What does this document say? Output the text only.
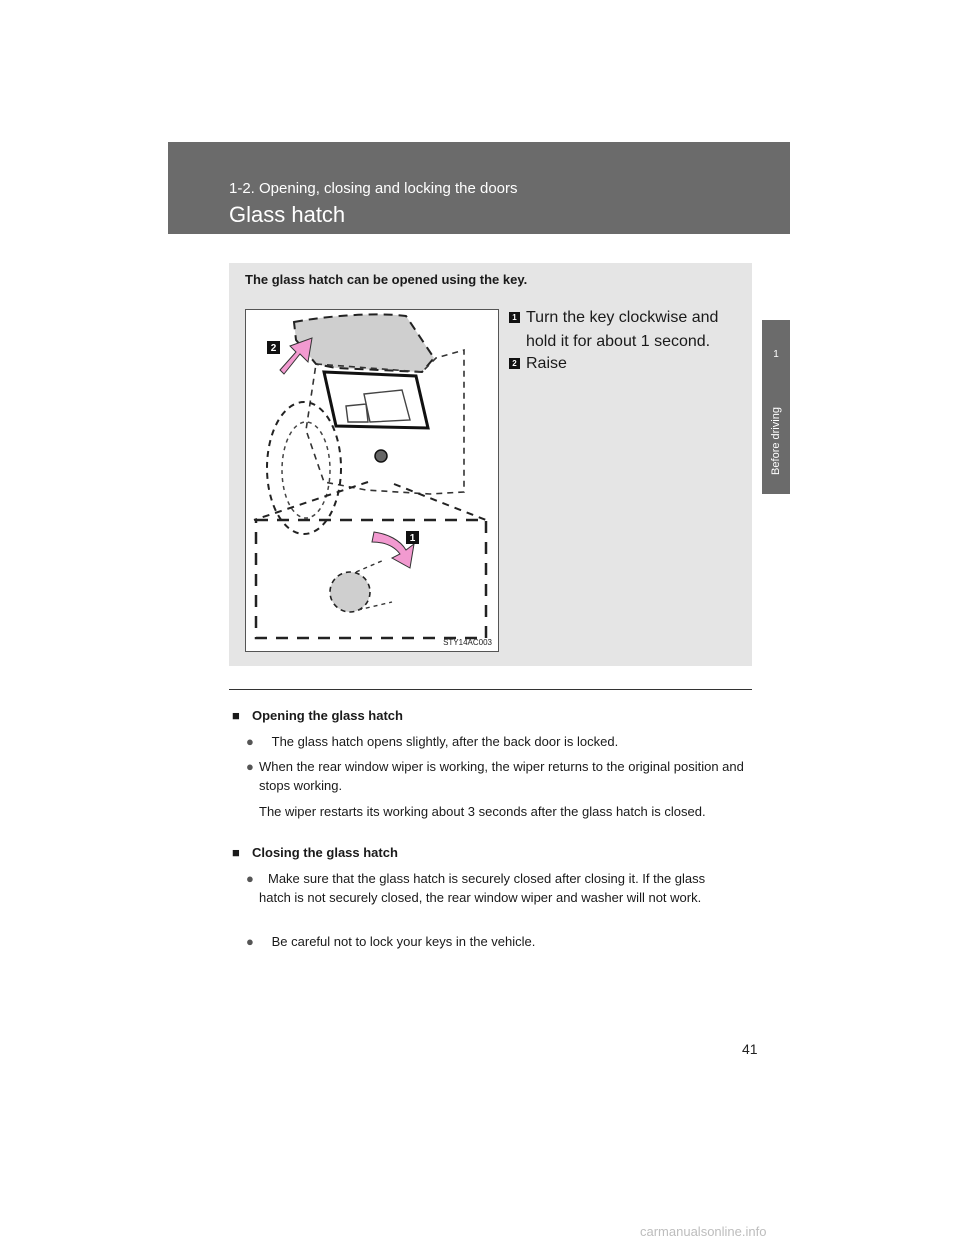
1-2. Opening, closing and locking the doors
Glass hatch
1
Before driving
The glass hatch can be opened using the key.
2
1
STY14AC003
1 Turn the key clockwise and hold it for about 1 second.
2 Raise
■ Opening the glass hatch
● The glass hatch opens slightly, after the back door is locked.
● When the rear window wiper is working, the wiper returns to the original position and stops working.
The wiper restarts its working about 3 seconds after the glass hatch is closed.
■ Closing the glass hatch
●	Make sure that the glass hatch is securely closed after closing it. If the glass hatch is not securely closed, the rear window wiper and washer will not work.
● Be careful not to lock your keys in the vehicle.
41
carmanualsonline.info
